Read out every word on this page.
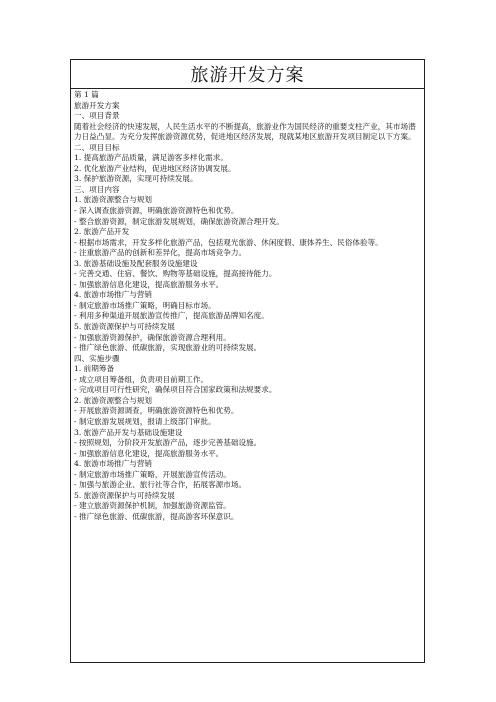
旅游开发方案
第 1 篇
旅游开发方案
一、项目背景
随着社会经济的快速发展，人民生活水平的不断提高，旅游业作为国民经济的重要支柱产业，其市场潜力日益凸显。为充分发挥旅游资源优势，促进地区经济发展，现就某地区旅游开发项目制定以下方案。
二、项目目标
1. 提高旅游产品质量，满足游客多样化需求。
2. 优化旅游产业结构，促进地区经济协调发展。
3. 保护旅游资源，实现可持续发展。
三、项目内容
1. 旅游资源整合与规划
- 深入调查旅游资源，明确旅游资源特色和优势。
- 整合旅游资源，制定旅游发展规划，确保旅游资源合理开发。
2. 旅游产品开发
- 根据市场需求，开发多样化旅游产品，包括观光旅游、休闲度假、康体养生、民俗体验等。
- 注重旅游产品的创新和差异化，提高市场竞争力。
3. 旅游基础设施及配套服务设施建设
- 完善交通、住宿、餐饮、购物等基础设施，提高接待能力。
- 加强旅游信息化建设，提高旅游服务水平。
4. 旅游市场推广与营销
- 制定旅游市场推广策略，明确目标市场。
- 利用多种渠道开展旅游宣传推广，提高旅游品牌知名度。
5. 旅游资源保护与可持续发展
- 加强旅游资源保护，确保旅游资源合理利用。
- 推广绿色旅游、低碳旅游，实现旅游业的可持续发展。
四、实施步骤
1. 前期筹备
- 成立项目筹备组，负责项目前期工作。
- 完成项目可行性研究，确保项目符合国家政策和法规要求。
2. 旅游资源整合与规划
- 开展旅游资源调查，明确旅游资源特色和优势。
- 制定旅游发展规划，报请上级部门审批。
3. 旅游产品开发与基础设施建设
- 按照规划，分阶段开发旅游产品，逐步完善基础设施。
- 加强旅游信息化建设，提高旅游服务水平。
4. 旅游市场推广与营销
- 制定旅游市场推广策略，开展旅游宣传活动。
- 加强与旅游企业、旅行社等合作，拓展客源市场。
5. 旅游资源保护与可持续发展
- 建立旅游资源保护机制，加强旅游资源监管。
- 推广绿色旅游、低碳旅游，提高游客环保意识。
